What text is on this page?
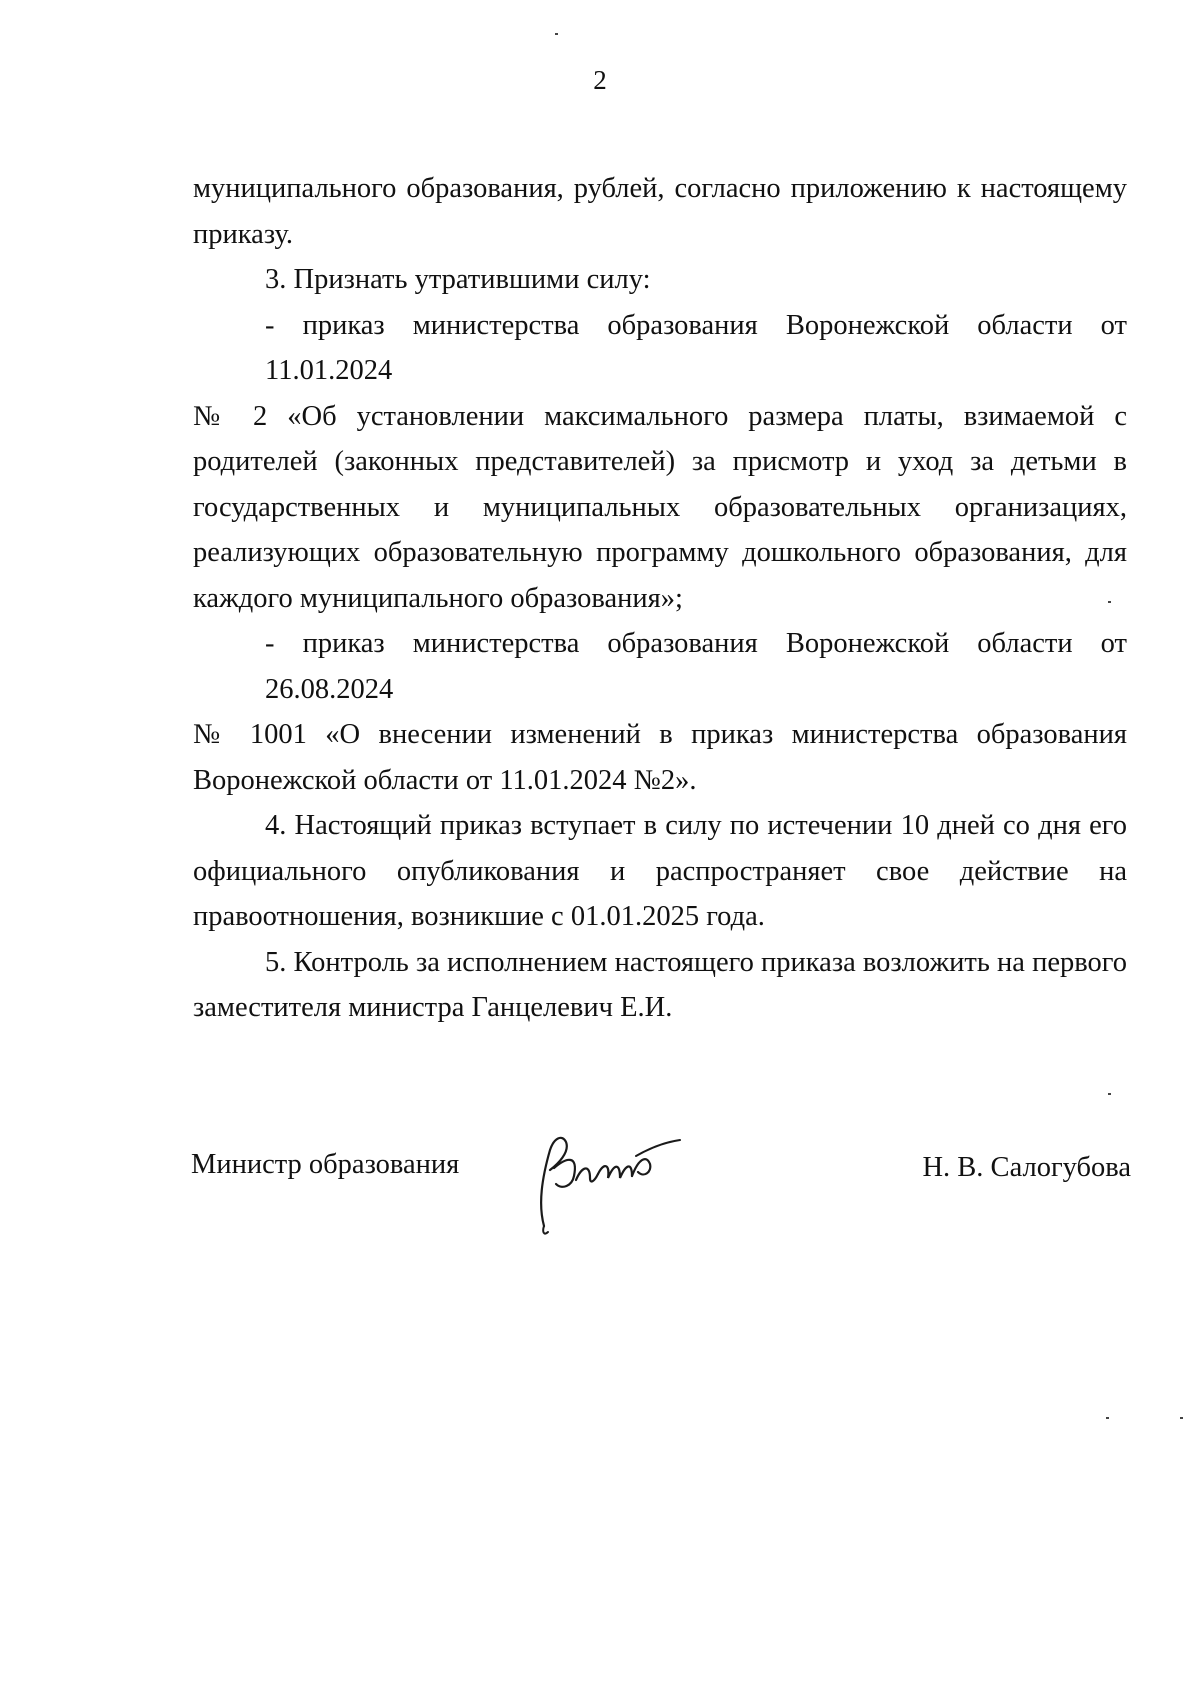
2
муниципального образования, рублей, согласно приложению к настоящему
приказу.
3. Признать утратившими силу:
- приказ министерства образования Воронежской области от 11.01.2024
№ 2 «Об установлении максимального размера платы, взимаемой с
родителей (законных представителей) за присмотр и уход за детьми в
государственных и муниципальных образовательных организациях,
реализующих образовательную программу дошкольного образования, для
каждого муниципального образования»;
- приказ министерства образования Воронежской области от 26.08.2024
№ 1001 «О внесении изменений в приказ министерства образования
Воронежской области от 11.01.2024 №2».
4. Настоящий приказ вступает в силу по истечении 10 дней со дня его
официального опубликования и распространяет свое действие на
правоотношения, возникшие с 01.01.2025 года.
5. Контроль за исполнением настоящего приказа возложить на первого
заместителя министра Ганцелевич Е.И.
Министр образования	Н. В. Салогубова
